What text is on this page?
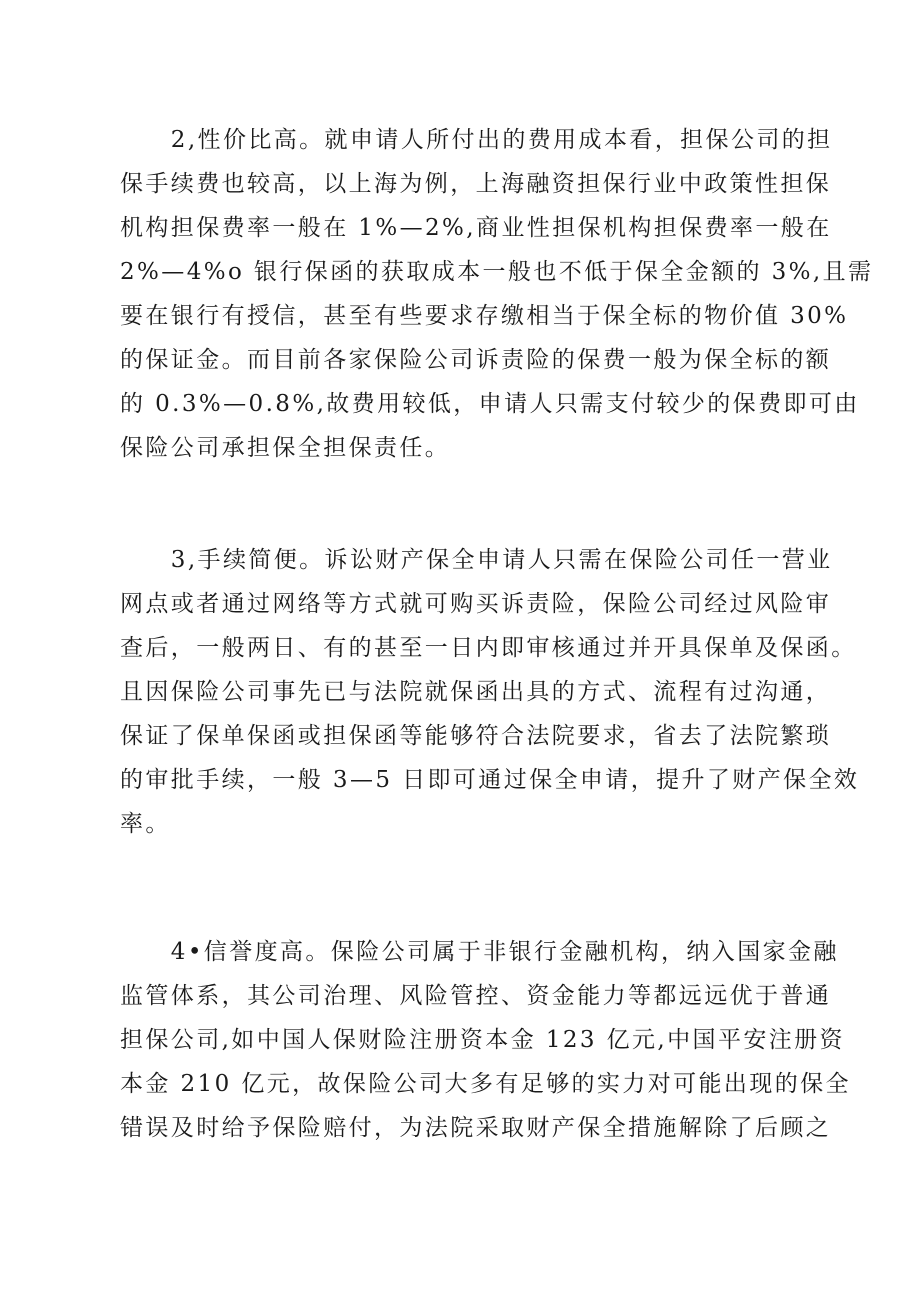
　　2,性价比高。就申请人所付出的费用成本看，担保公司的担
保手续费也较高，以上海为例，上海融资担保行业中政策性担保
机构担保费率一般在 1%—2%,商业性担保机构担保费率一般在
2%—4%o 银行保函的获取成本一般也不低于保全金额的 3%,且需
要在银行有授信，甚至有些要求存缴相当于保全标的物价值 30%
的保证金。而目前各家保险公司诉责险的保费一般为保全标的额
的 0.3%—0.8%,故费用较低，申请人只需支付较少的保费即可由
保险公司承担保全担保责任。
　　3,手续简便。诉讼财产保全申请人只需在保险公司任一营业
网点或者通过网络等方式就可购买诉责险，保险公司经过风险审
查后，一般两日、有的甚至一日内即审核通过并开具保单及保函。
且因保险公司事先已与法院就保函出具的方式、流程有过沟通，
保证了保单保函或担保函等能够符合法院要求，省去了法院繁琐
的审批手续，一般 3—5 日即可通过保全申请，提升了财产保全效
率。
　　4•信誉度高。保险公司属于非银行金融机构，纳入国家金融
监管体系，其公司治理、风险管控、资金能力等都远远优于普通
担保公司,如中国人保财险注册资本金 123 亿元,中国平安注册资
本金 210 亿元，故保险公司大多有足够的实力对可能出现的保全
错误及时给予保险赔付，为法院采取财产保全措施解除了后顾之
